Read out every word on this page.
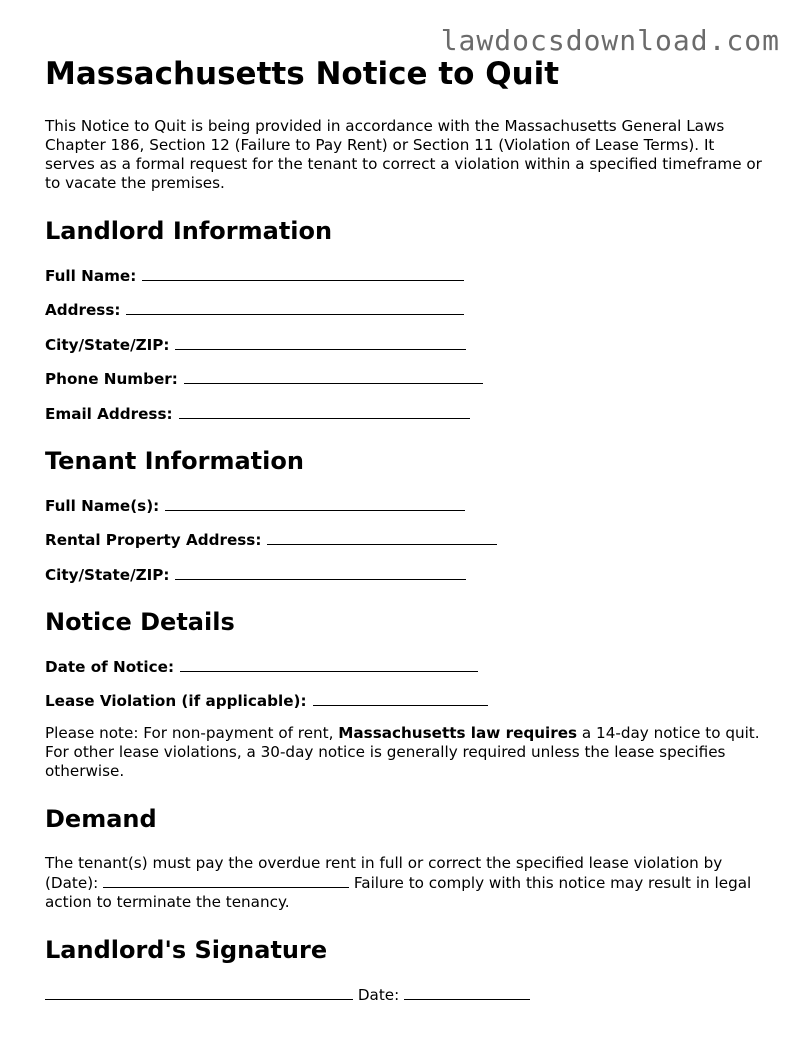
lawdocsdownload.com
Massachusetts Notice to Quit

This Notice to Quit is being provided in accordance with the Massachusetts General Laws Chapter 186, Section 12 (Failure to Pay Rent) or Section 11 (Violation of Lease Terms). It serves as a formal request for the tenant to correct a violation within a specified timeframe or to vacate the premises.

Landlord Information
Full Name:
Address:
City/State/ZIP:
Phone Number:
Email Address:
Tenant Information
Full Name(s):
Rental Property Address:
City/State/ZIP:
Notice Details
Date of Notice:
Lease Violation (if applicable):

Please note: For non-payment of rent, Massachusetts law requires a 14-day notice to quit. For other lease violations, a 30-day notice is generally required unless the lease specifies otherwise.

Demand

The tenant(s) must pay the overdue rent in full or correct the specified lease violation by (Date):	Failure to comply with this notice may result in legal action to terminate the tenancy.

Landlord's Signature
Date:
